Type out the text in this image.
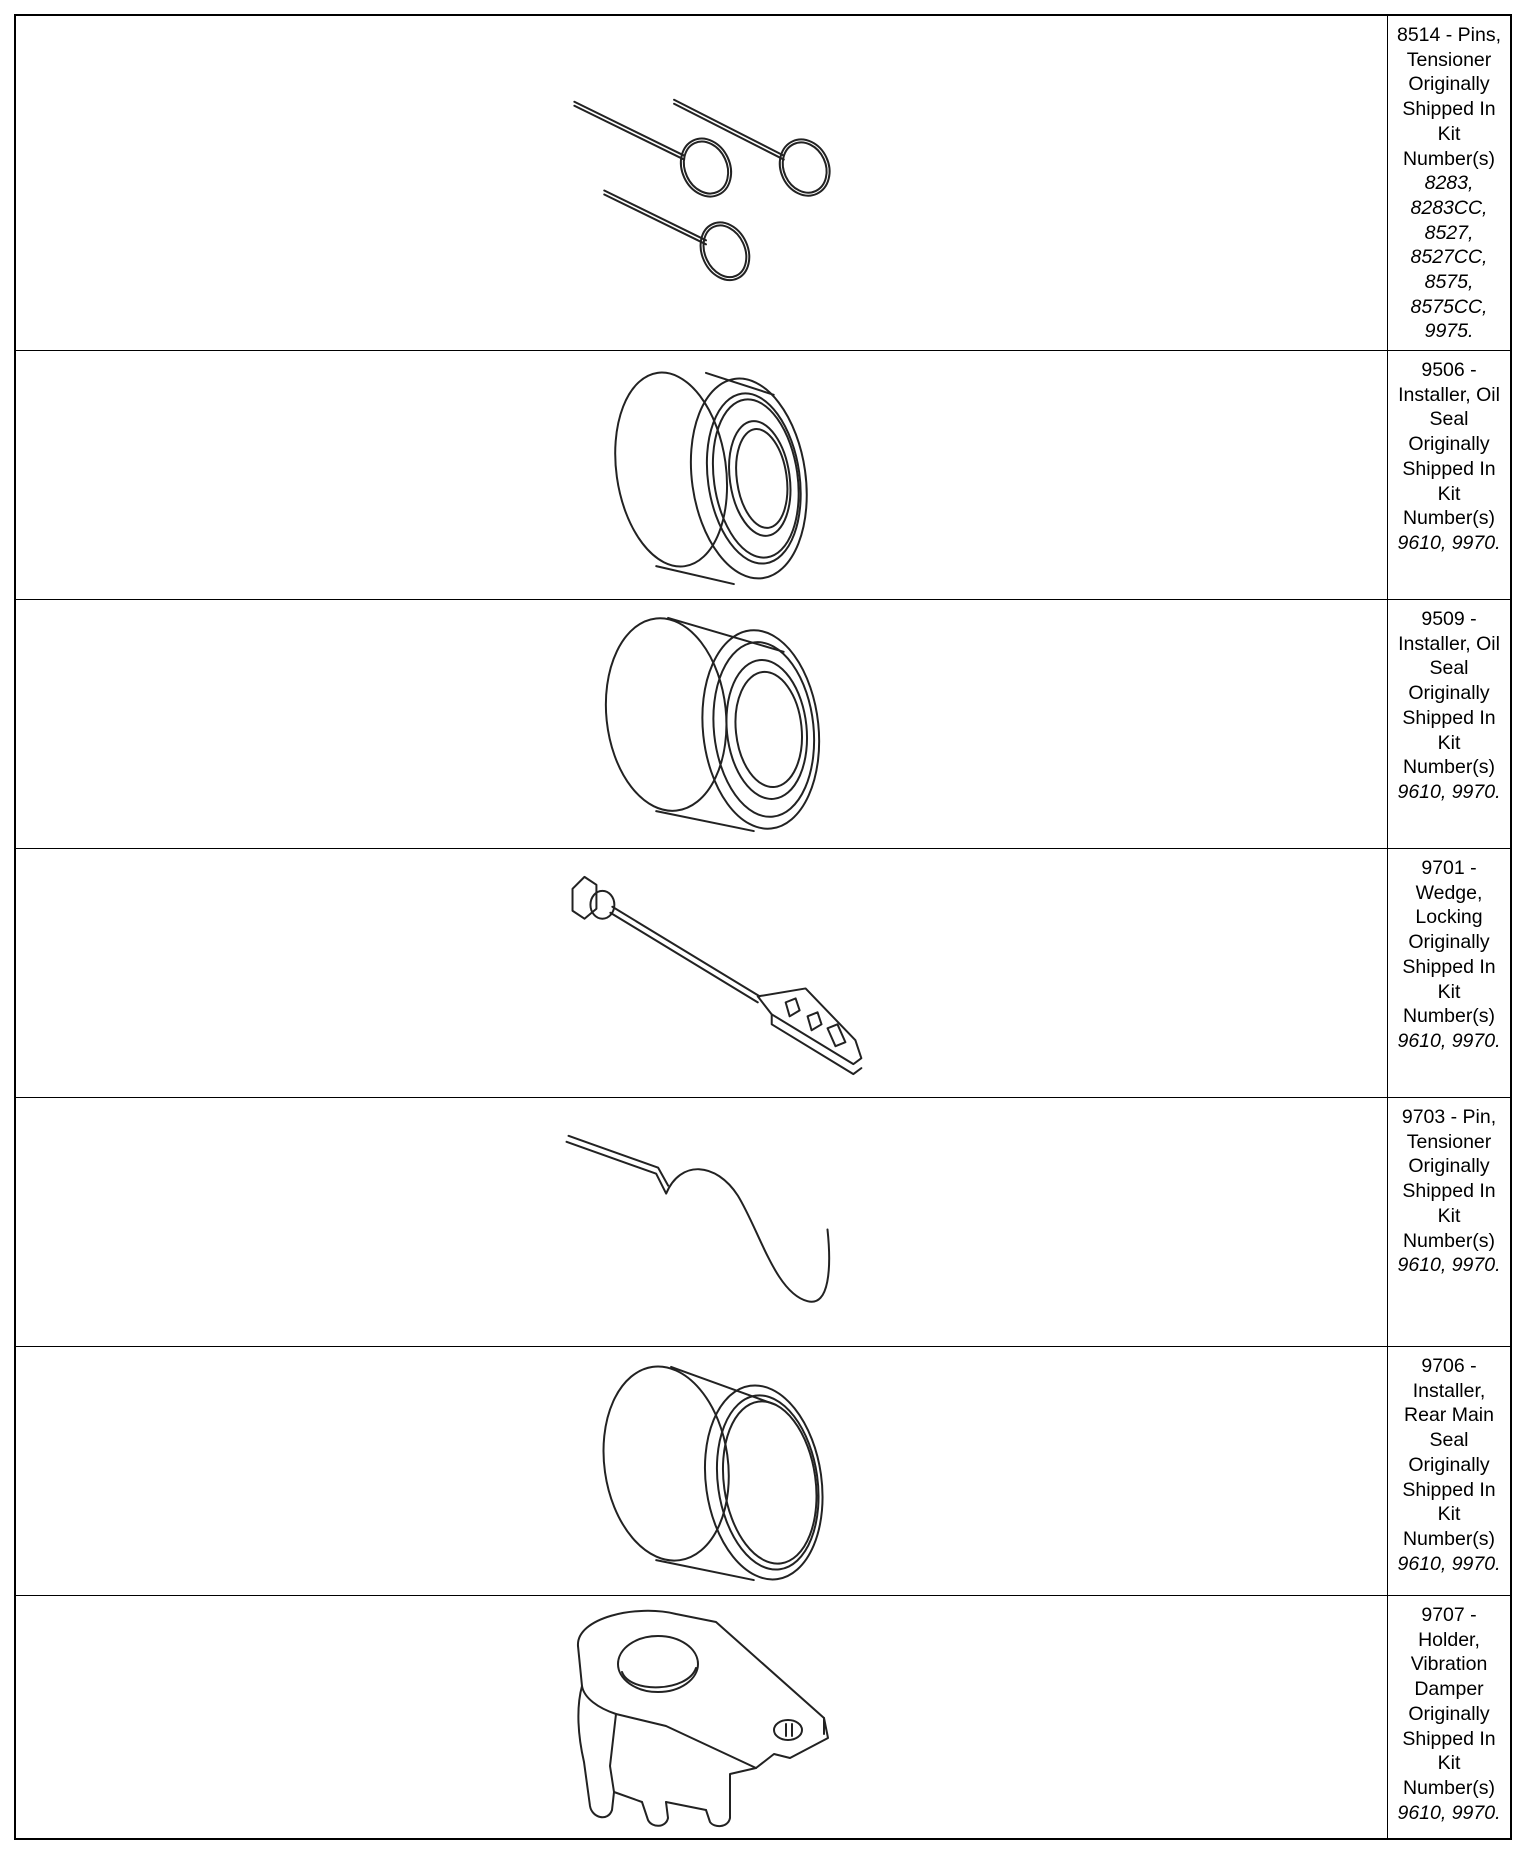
8514 - Pins, Tensioner
Originally Shipped In Kit Number(s)
8283,
8283CC,
8527,
8527CC,
8575,
8575CC,
9975.
9506 - Installer, Oil Seal
Originally Shipped In Kit Number(s)
9610, 9970.
9509 - Installer, Oil Seal
Originally Shipped In Kit Number(s)
9610, 9970.
9701 - Wedge, Locking
Originally Shipped In Kit Number(s)
9610, 9970.
9703 - Pin, Tensioner
Originally Shipped In Kit Number(s)
9610, 9970.
9706 - Installer, Rear Main Seal
Originally Shipped In Kit Number(s)
9610, 9970.
9707 - Holder, Vibration Damper
Originally Shipped In Kit Number(s)
9610, 9970.
